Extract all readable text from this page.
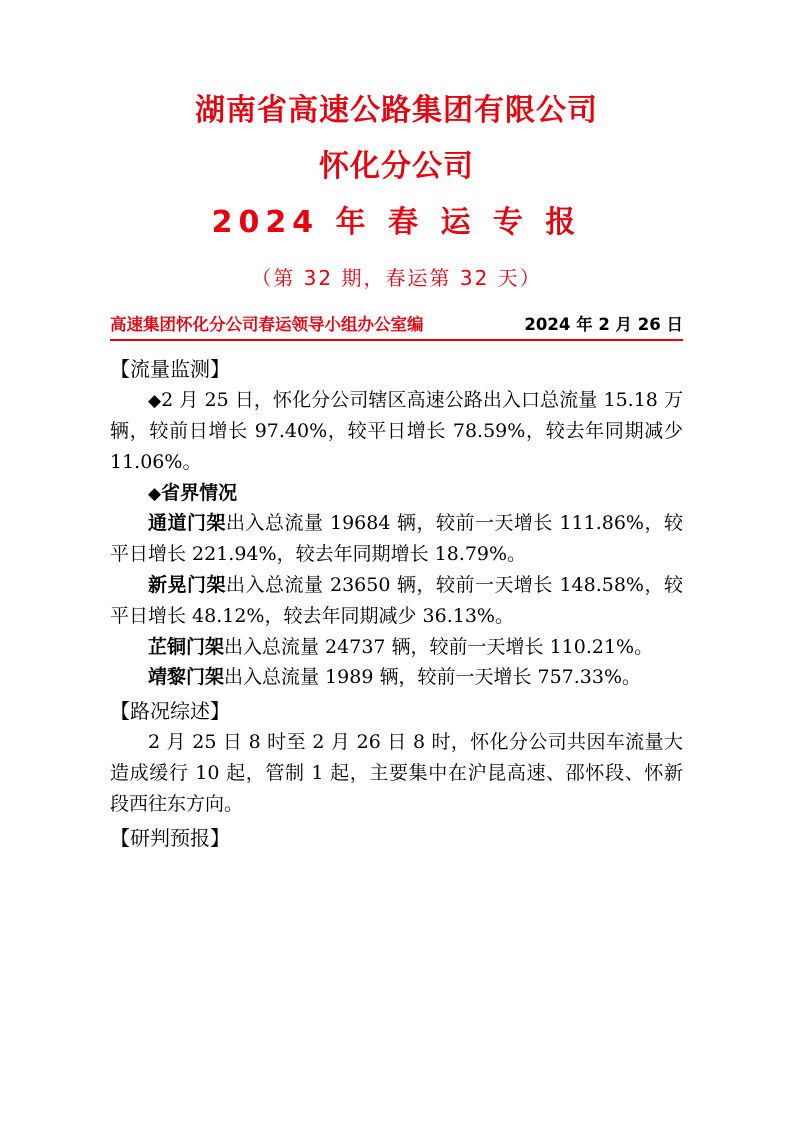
湖南省高速公路集团有限公司
怀化分公司
2024 年 春 运 专 报
（第 32 期，春运第 32 天）
高速集团怀化分公司春运领导小组办公室编	2024 年 2 月 26 日
【流量监测】

◆2 月 25 日，怀化分公司辖区高速公路出入口总流量 15.18 万辆，较前日增长 97.40%，较平日增长 78.59%，较去年同期减少 11.06%。

◆省界情况

通道门架出入总流量 19684 辆，较前一天增长 111.86%，较平日增长 221.94%，较去年同期增长 18.79%。

新晃门架出入总流量 23650 辆，较前一天增长 148.58%，较平日增长 48.12%，较去年同期减少 36.13%。

芷铜门架出入总流量 24737 辆，较前一天增长 110.21%。

靖黎门架出入总流量 1989 辆，较前一天增长 757.33%。

【路况综述】

2 月 25 日 8 时至 2 月 26 日 8 时，怀化分公司共因车流量大造成缓行 10 起，管制 1 起，主要集中在沪昆高速、邵怀段、怀新段西往东方向。

【研判预报】
